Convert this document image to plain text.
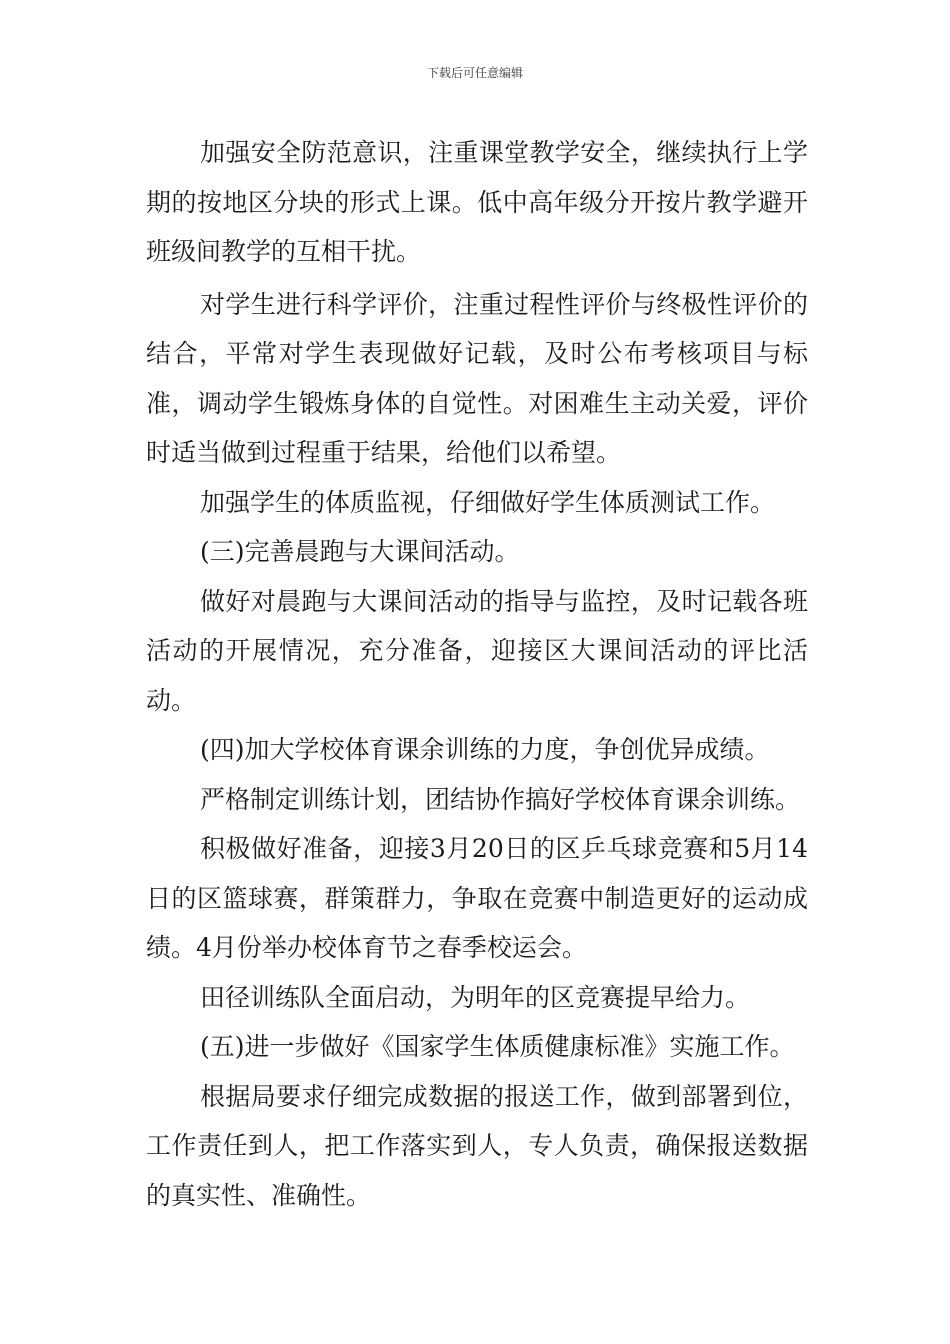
下载后可任意编辑

加强安全防范意识，注重课堂教学安全，继续执行上学期的按地区分块的形式上课。低中高年级分开按片教学避开班级间教学的互相干扰。

对学生进行科学评价，注重过程性评价与终极性评价的结合，平常对学生表现做好记载，及时公布考核项目与标准，调动学生锻炼身体的自觉性。对困难生主动关爱，评价时适当做到过程重于结果，给他们以希望。

加强学生的体质监视，仔细做好学生体质测试工作。

(三)完善晨跑与大课间活动。

做好对晨跑与大课间活动的指导与监控，及时记载各班活动的开展情况，充分准备，迎接区大课间活动的评比活动。

(四)加大学校体育课余训练的力度，争创优异成绩。

严格制定训练计划，团结协作搞好学校体育课余训练。

积极做好准备，迎接3月20日的区乒乓球竞赛和5月14日的区篮球赛，群策群力，争取在竞赛中制造更好的运动成绩。4月份举办校体育节之春季校运会。

田径训练队全面启动，为明年的区竞赛提早给力。

(五)进一步做好《国家学生体质健康标准》实施工作。

根据局要求仔细完成数据的报送工作，做到部署到位，工作责任到人，把工作落实到人，专人负责，确保报送数据的真实性、准确性。
